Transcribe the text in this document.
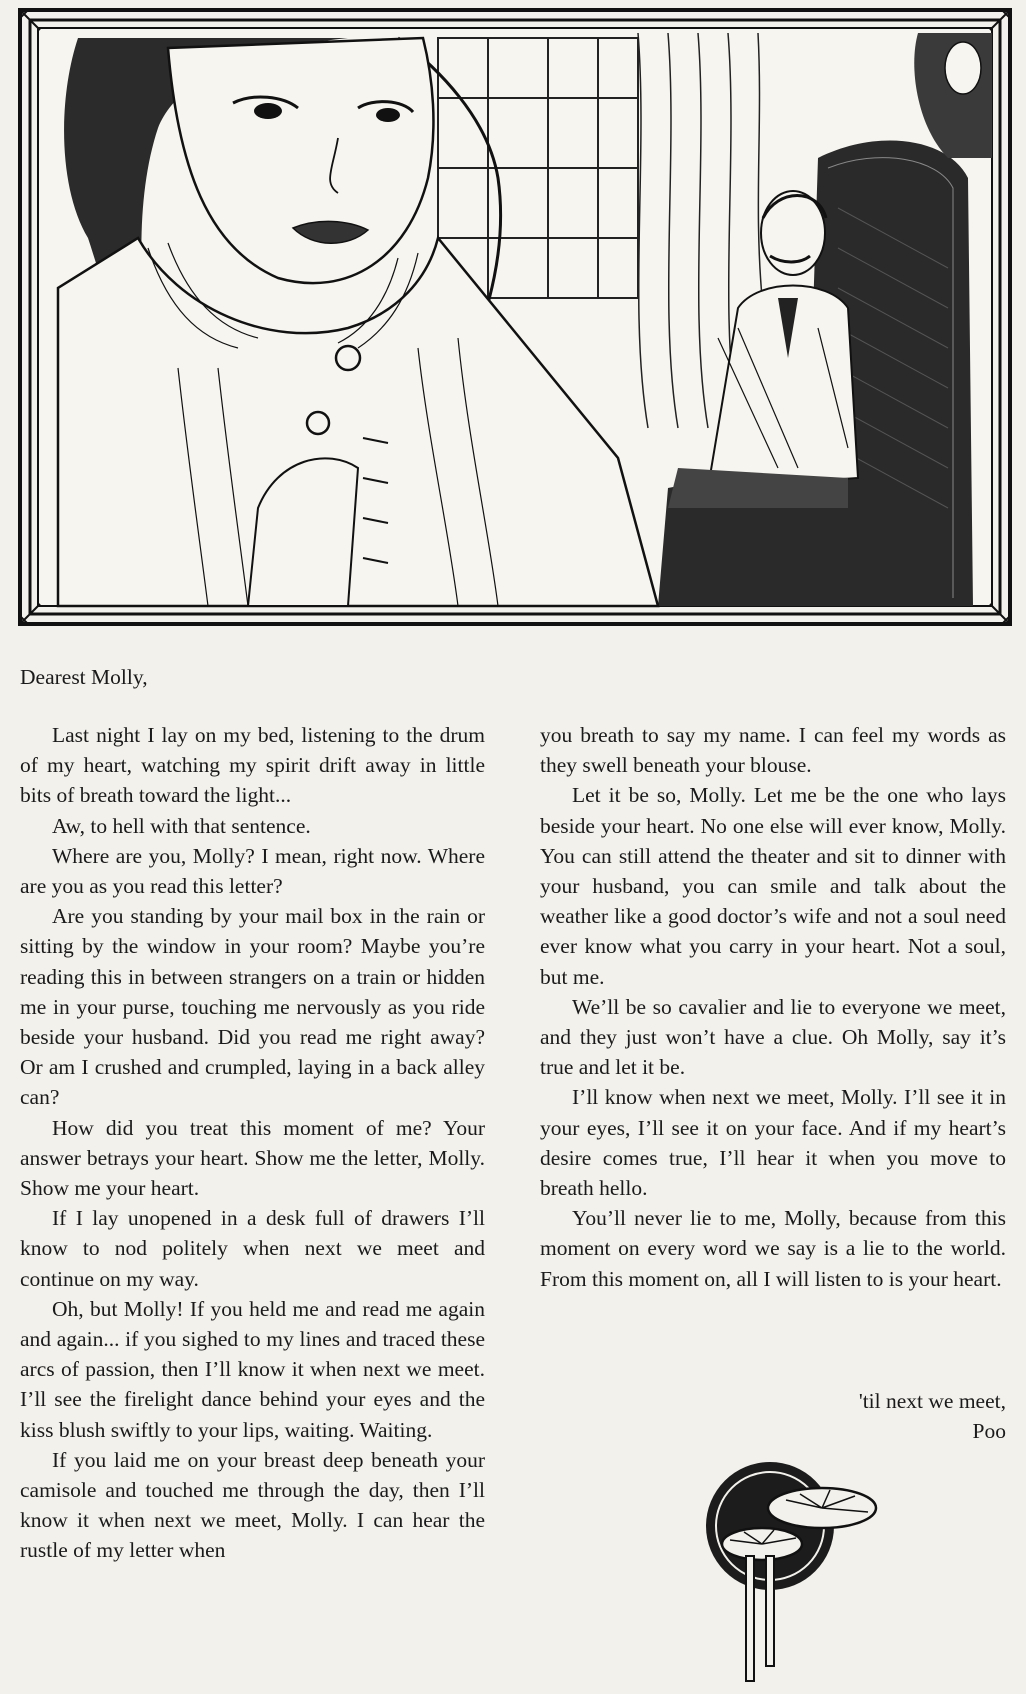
Dearest Molly,

Last night I lay on my bed, listening to the drum of my heart, watching my spirit drift away in little bits of breath toward the light...

Aw, to hell with that sentence.

Where are you, Molly? I mean, right now. Where are you as you read this letter?

Are you standing by your mail box in the rain or sitting by the window in your room? Maybe you’re reading this in between strangers on a train or hidden me in your purse, touching me nervously as you ride beside your husband. Did you read me right away? Or am I crushed and crumpled, laying in a back alley can?

How did you treat this moment of me? Your answer betrays your heart. Show me the letter, Molly. Show me your heart.

If I lay unopened in a desk full of drawers I’ll know to nod politely when next we meet and continue on my way.

Oh, but Molly! If you held me and read me again and again... if you sighed to my lines and traced these arcs of passion, then I’ll know it when next we meet. I’ll see the firelight dance behind your eyes and the kiss blush swiftly to your lips, waiting. Waiting.

If you laid me on your breast deep beneath your camisole and touched me through the day, then I’ll know it when next we meet, Molly. I can hear the rustle of my letter when

you breath to say my name. I can feel my words as they swell beneath your blouse.

Let it be so, Molly. Let me be the one who lays beside your heart. No one else will ever know, Molly. You can still attend the theater and sit to dinner with your husband, you can smile and talk about the weather like a good doctor’s wife and not a soul need ever know what you carry in your heart. Not a soul, but me.

We’ll be so cavalier and lie to everyone we meet, and they just won’t have a clue. Oh Molly, say it’s true and let it be.

I’ll know when next we meet, Molly. I’ll see it in your eyes, I’ll see it on your face. And if my heart’s desire comes true, I’ll hear it when you move to breath hello.

You’ll never lie to me, Molly, because from this moment on every word we say is a lie to the world. From this moment on, all I will listen to is your heart.

'til next we meet,
Poo
